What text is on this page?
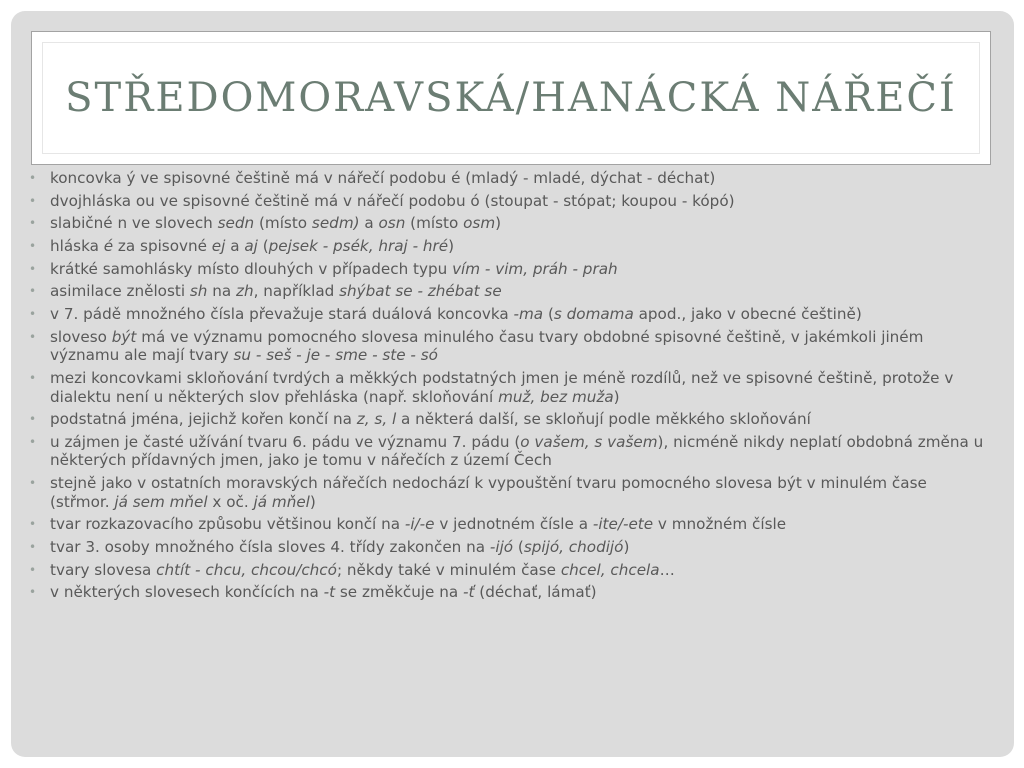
STŘEDOMORAVSKÁ/HANÁCKÁ NÁŘEČÍ
• koncovka ý ve spisovné češtině má v nářečí podobu é (mladý - mladé, dýchat - déchat)
• dvojhláska ou ve spisovné češtině má v nářečí podobu ó (stoupat - stópat; koupou - kópó)
• slabičné n ve slovech sedn (místo sedm) a osn (místo osm)
• hláska é za spisovné ej a aj (pejsek - psék, hraj - hré)
• krátké samohlásky místo dlouhých v případech typu vím - vim, práh - prah
• asimilace znělosti sh na zh, například shýbat se - zhébat se
• v 7. pádě množného čísla převažuje stará duálová koncovka -ma (s domama apod., jako v obecné češtině)
• sloveso být má ve významu pomocného slovesa minulého času tvary obdobné spisovné češtině, v jakémkoli jiném významu ale mají tvary su - seš - je - sme - ste - só
• mezi koncovkami skloňování tvrdých a měkkých podstatných jmen je méně rozdílů, než ve spisovné češtině, protože v dialektu není u některých slov přehláska (např. skloňování muž, bez muža)
• podstatná jména, jejichž kořen končí na z, s, l a některá další, se skloňují podle měkkého skloňování
• u zájmen je časté užívání tvaru 6. pádu ve významu 7. pádu (o vašem, s vašem), nicméně nikdy neplatí obdobná změna u některých přídavných jmen, jako je tomu v nářečích z území Čech
• stejně jako v ostatních moravských nářečích nedochází k vypouštění tvaru pomocného slovesa být v minulém čase (střmor. já sem mňel x oč. já mňel)
• tvar rozkazovacího způsobu většinou končí na -i/-e v jednotném čísle a -ite/-ete v množném čísle
• tvar 3. osoby množného čísla sloves 4. třídy zakončen na -ijó (spijó, chodijó)
• tvary slovesa chtít - chcu, chcou/chcó; někdy také v minulém čase chcel, chcela…
• v některých slovesech končících na -t se změkčuje na -ť (déchať, lámať)
